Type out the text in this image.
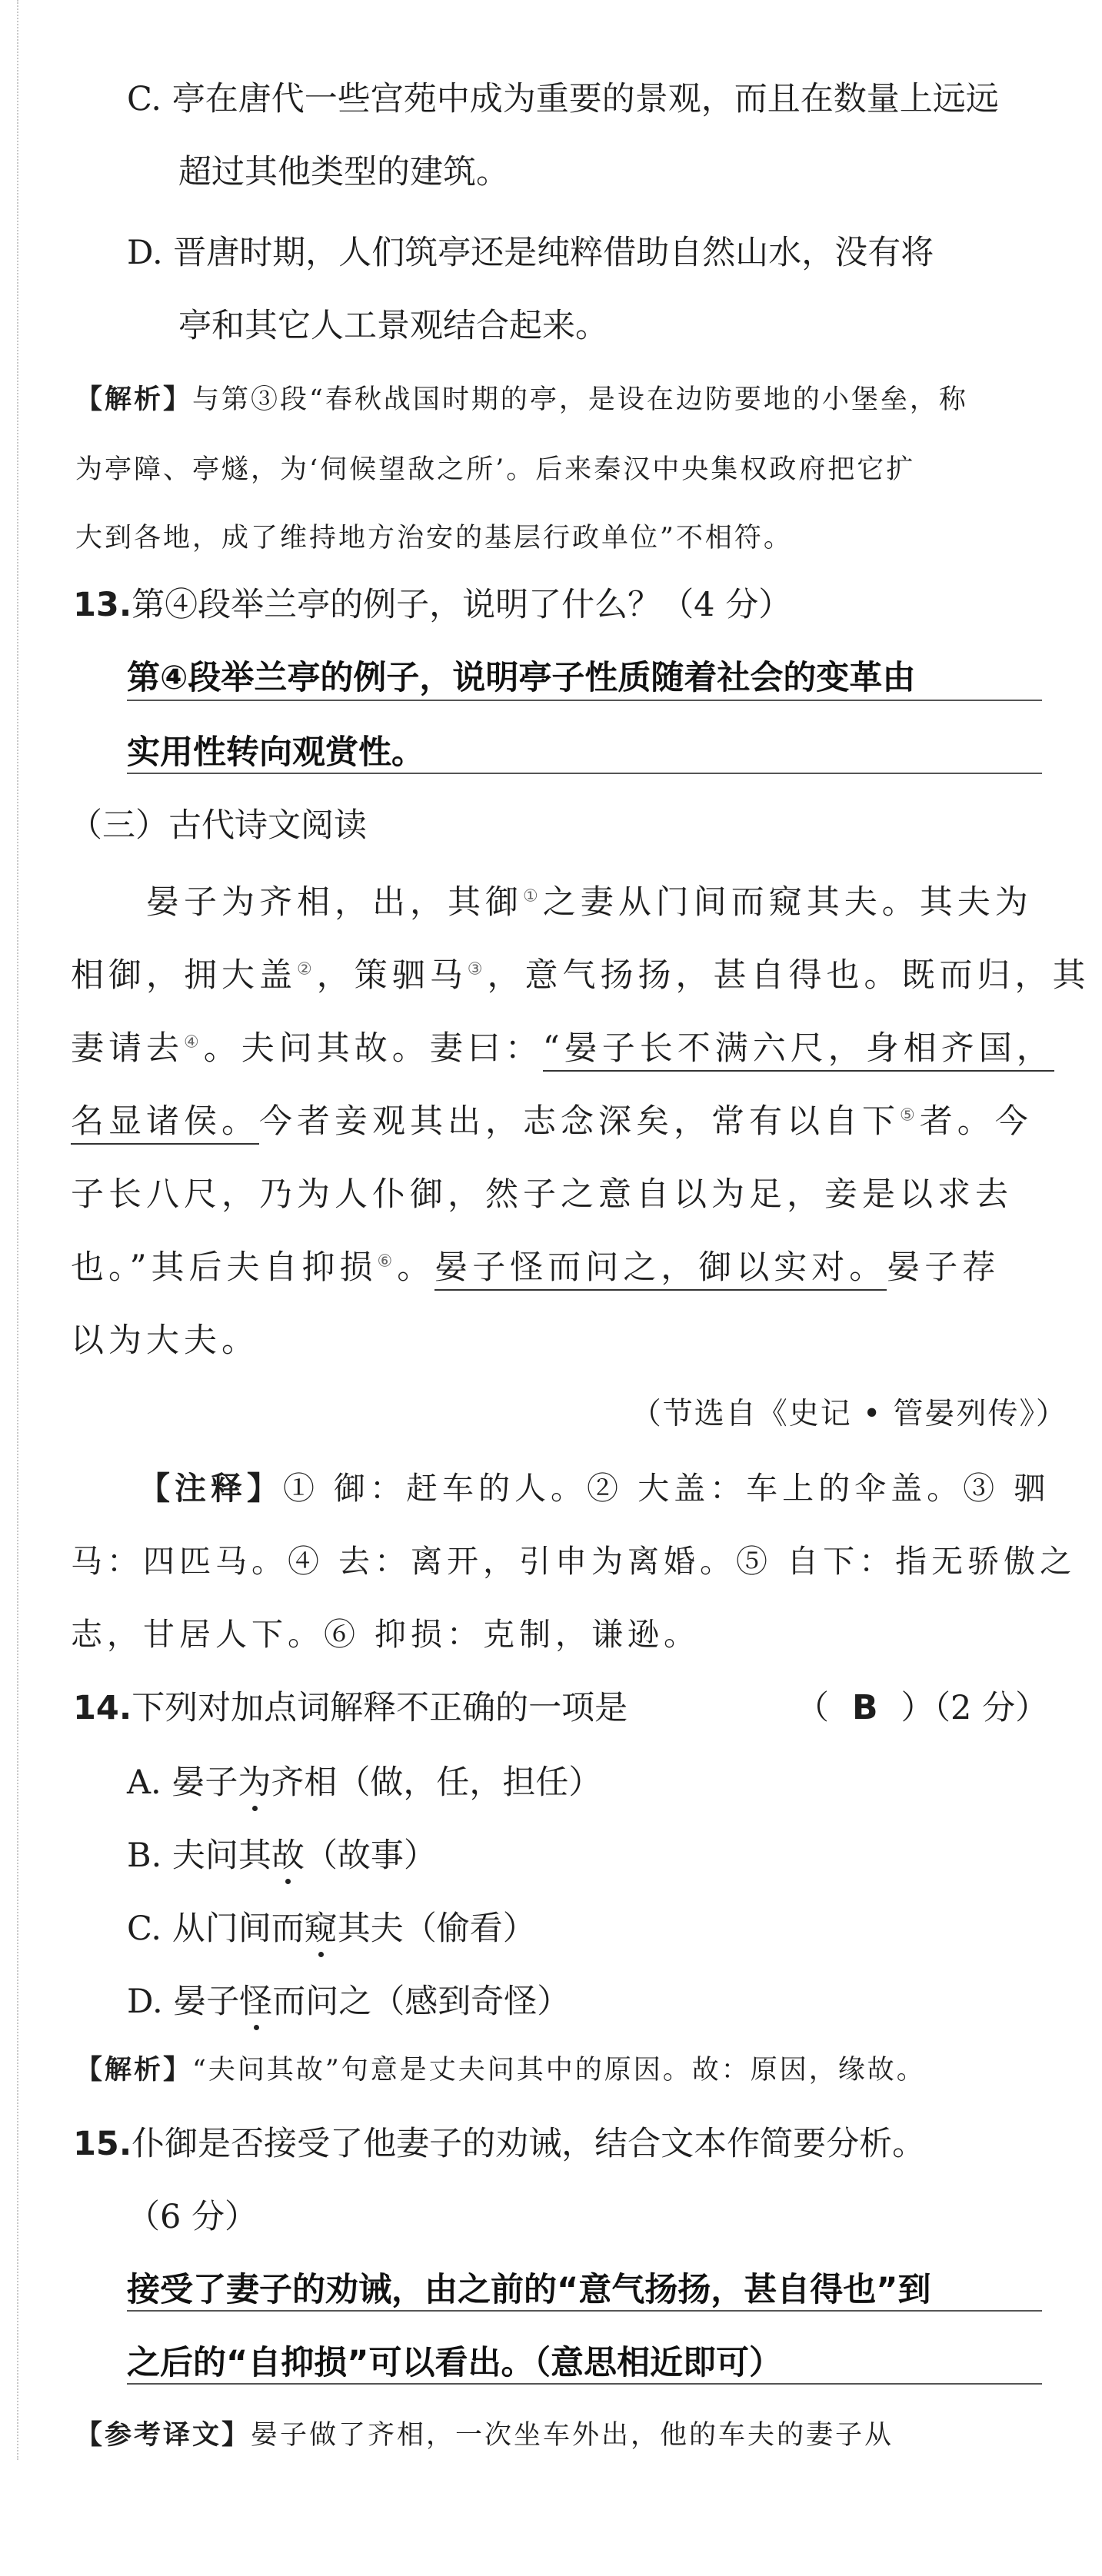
C. 亭在唐代一些宫苑中成为重要的景观，而且在数量上远远
超过其他类型的建筑。
D. 晋唐时期，人们筑亭还是纯粹借助自然山水，没有将
亭和其它人工景观结合起来。
【解析】与第③段“春秋战国时期的亭，是设在边防要地的小堡垒，称
为亭障、亭燧，为‘伺候望敌之所’。后来秦汉中央集权政府把它扩
大到各地，成了维持地方治安的基层行政单位”不相符。
13.第④段举兰亭的例子，说明了什么？（4 分）
第④段举兰亭的例子，说明亭子性质随着社会的变革由
实用性转向观赏性。
（三）古代诗文阅读
晏子为齐相，出，其御①之妻从门间而窥其夫。其夫为
相御，拥大盖②，策驷马③，意气扬扬，甚自得也。既而归，其
妻请去④。夫问其故。妻曰：“晏子长不满六尺，身相齐国，
名显诸侯。今者妾观其出，志念深矣，常有以自下⑤者。今
子长八尺，乃为人仆御，然子之意自以为足，妾是以求去
也。”其后夫自抑损⑥。晏子怪而问之，御以实对。晏子荐
以为大夫。
（节选自《史记 • 管晏列传》）
【注释】① 御：赶车的人。② 大盖：车上的伞盖。③ 驷
马：四匹马。④ 去：离开，引申为离婚。⑤ 自下：指无骄傲之
志，甘居人下。⑥ 抑损：克制，谦逊。
14.下列对加点词解释不正确的一项是	（ B ）（2 分）
A. 晏子为齐相（做，任，担任）
B. 夫问其故（故事）
C. 从门间而窥其夫（偷看）
D. 晏子怪而问之（感到奇怪）
【解析】“夫问其故”句意是丈夫问其中的原因。故：原因，缘故。
15.仆御是否接受了他妻子的劝诫，结合文本作简要分析。
（6 分）
接受了妻子的劝诫，由之前的“意气扬扬，甚自得也”到
之后的“自抑损”可以看出。（意思相近即可）
【参考译文】晏子做了齐相，一次坐车外出，他的车夫的妻子从
